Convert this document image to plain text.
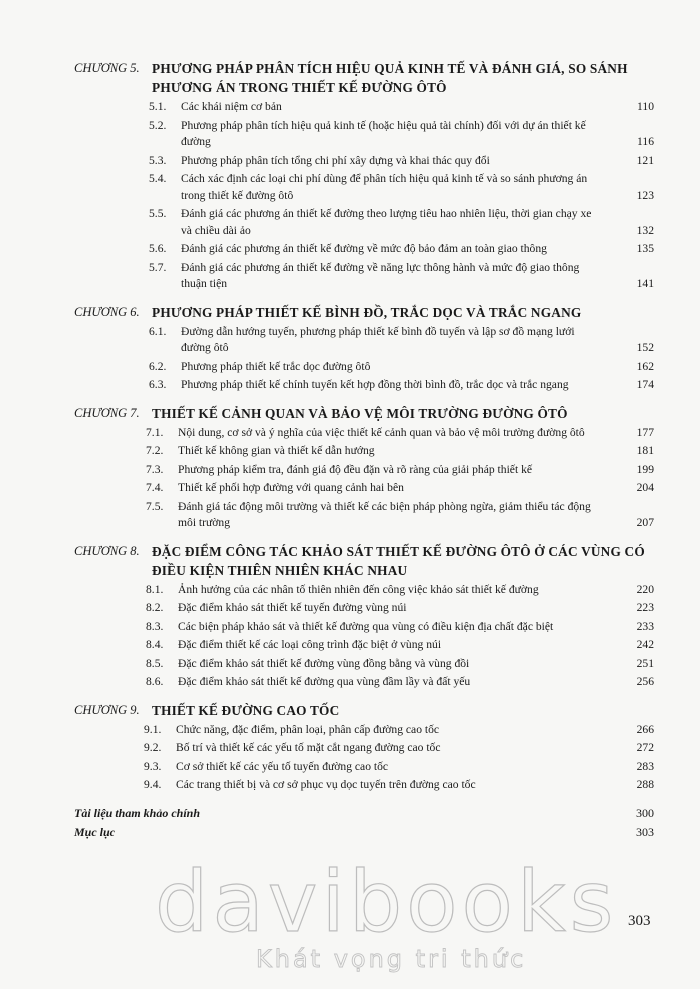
CHƯƠNG 5. PHƯƠNG PHÁP PHÂN TÍCH HIỆU QUẢ KINH TẾ VÀ ĐÁNH GIÁ, SO SÁNH PHƯƠNG ÁN TRONG THIẾT KẾ ĐƯỜNG ÔTÔ
5.1.	Các khái niệm cơ bản	110
5.2.	Phương pháp phân tích hiệu quả kinh tế (hoặc hiệu quả tài chính) đối với dự án thiết kế đường	116
5.3.	Phương pháp phân tích tổng chi phí xây dựng và khai thác quy đổi	121
5.4.	Cách xác định các loại chi phí dùng để phân tích hiệu quả kinh tế và so sánh phương án trong thiết kế đường ôtô	123
5.5.	Đánh giá các phương án thiết kế đường theo lượng tiêu hao nhiên liệu, thời gian chạy xe và chiều dài ảo	132
5.6.	Đánh giá các phương án thiết kế đường về mức độ bảo đảm an toàn giao thông	135
5.7.	Đánh giá các phương án thiết kế đường về năng lực thông hành và mức độ giao thông thuận tiện	141
CHƯƠNG 6. PHƯƠNG PHÁP THIẾT KẾ BÌNH ĐỒ, TRẮC DỌC VÀ TRẮC NGANG
6.1.	Đường dẫn hướng tuyến, phương pháp thiết kế bình đồ tuyến và lập sơ đồ mạng lưới đường ôtô	152
6.2.	Phương pháp thiết kế trắc dọc đường ôtô	162
6.3.	Phương pháp thiết kế chính tuyến kết hợp đồng thời bình đồ, trắc dọc và trắc ngang	174
CHƯƠNG 7. THIẾT KẾ CẢNH QUAN VÀ BẢO VỆ MÔI TRƯỜNG ĐƯỜNG ÔTÔ
7.1.	Nội dung, cơ sở và ý nghĩa của việc thiết kế cảnh quan và bảo vệ môi trường đường ôtô	177
7.2.	Thiết kế không gian và thiết kế dẫn hướng	181
7.3.	Phương pháp kiểm tra, đánh giá độ đều đặn và rõ ràng của giải pháp thiết kế	199
7.4.	Thiết kế phối hợp đường với quang cảnh hai bên	204
7.5.	Đánh giá tác động môi trường và thiết kế các biện pháp phòng ngừa, giảm thiểu tác động môi trường	207
CHƯƠNG 8. ĐẶC ĐIỂM CÔNG TÁC KHẢO SÁT THIẾT KẾ ĐƯỜNG ÔTÔ Ở CÁC VÙNG CÓ ĐIỀU KIỆN THIÊN NHIÊN KHÁC NHAU
8.1.	Ảnh hưởng của các nhân tố thiên nhiên đến công việc khảo sát thiết kế đường	220
8.2.	Đặc điểm khảo sát thiết kế tuyến đường vùng núi	223
8.3.	Các biện pháp khảo sát và thiết kế đường qua vùng có điều kiện địa chất đặc biệt	233
8.4.	Đặc điểm thiết kế các loại công trình đặc biệt ở vùng núi	242
8.5.	Đặc điểm khảo sát thiết kế đường vùng đồng bằng và vùng đồi	251
8.6.	Đặc điểm khảo sát thiết kế đường qua vùng đầm lầy và đất yếu	256
CHƯƠNG 9. THIẾT KẾ ĐƯỜNG CAO TỐC
9.1.	Chức năng, đặc điểm, phân loại, phân cấp đường cao tốc	266
9.2.	Bố trí và thiết kế các yếu tố mặt cắt ngang đường cao tốc	272
9.3.	Cơ sở thiết kế các yếu tố tuyến đường cao tốc	283
9.4.	Các trang thiết bị và cơ sở phục vụ dọc tuyến trên đường cao tốc	288
Tài liệu tham khảo chính	300
Mục lục	303
davibooks 303
Khát vọng tri thức
